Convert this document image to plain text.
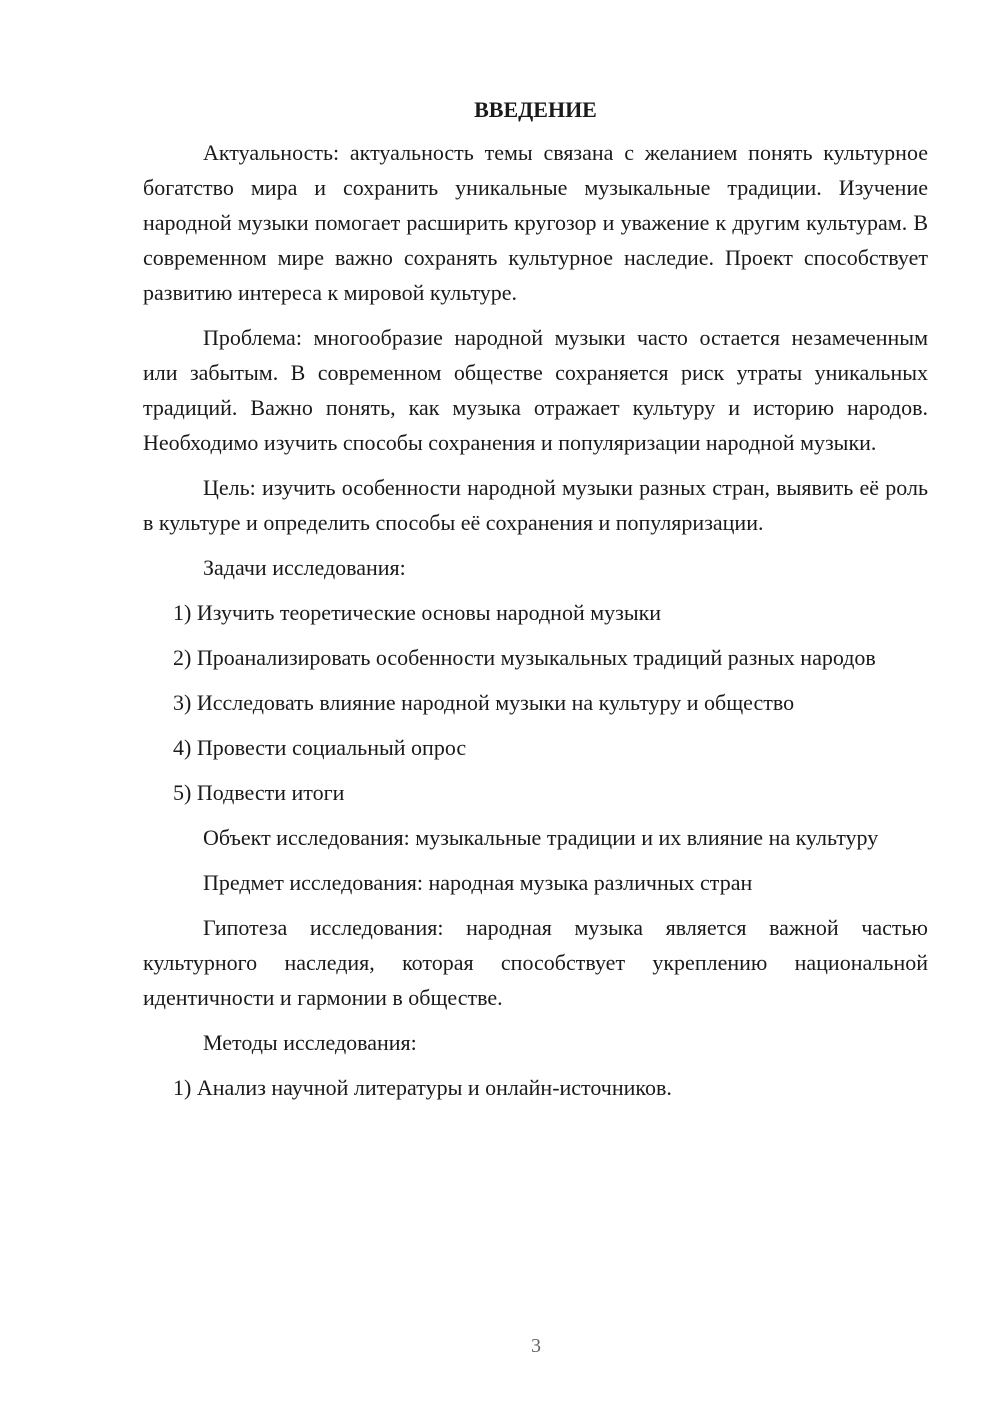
ВВЕДЕНИЕ

Актуальность: актуальность темы связана с желанием понять культурное богатство мира и сохранить уникальные музыкальные традиции. Изучение народной музыки помогает расширить кругозор и уважение к другим культурам. В современном мире важно сохранять культурное наследие. Проект способствует развитию интереса к мировой культуре.

Проблема: многообразие народной музыки часто остается незамеченным или забытым. В современном обществе сохраняется риск утраты уникальных традиций. Важно понять, как музыка отражает культуру и историю народов. Необходимо изучить способы сохранения и популяризации народной музыки.

Цель: изучить особенности народной музыки разных стран, выявить её роль в культуре и определить способы её сохранения и популяризации.

Задачи исследования:

1) Изучить теоретические основы народной музыки

2) Проанализировать особенности музыкальных традиций разных народов

3) Исследовать влияние народной музыки на культуру и общество

4) Провести социальный опрос

5) Подвести итоги

Объект исследования: музыкальные традиции и их влияние на культуру

Предмет исследования: народная музыка различных стран

Гипотеза исследования: народная музыка является важной частью культурного наследия, которая способствует укреплению национальной идентичности и гармонии в обществе.

Методы исследования:

1) Анализ научной литературы и онлайн-источников.

3
